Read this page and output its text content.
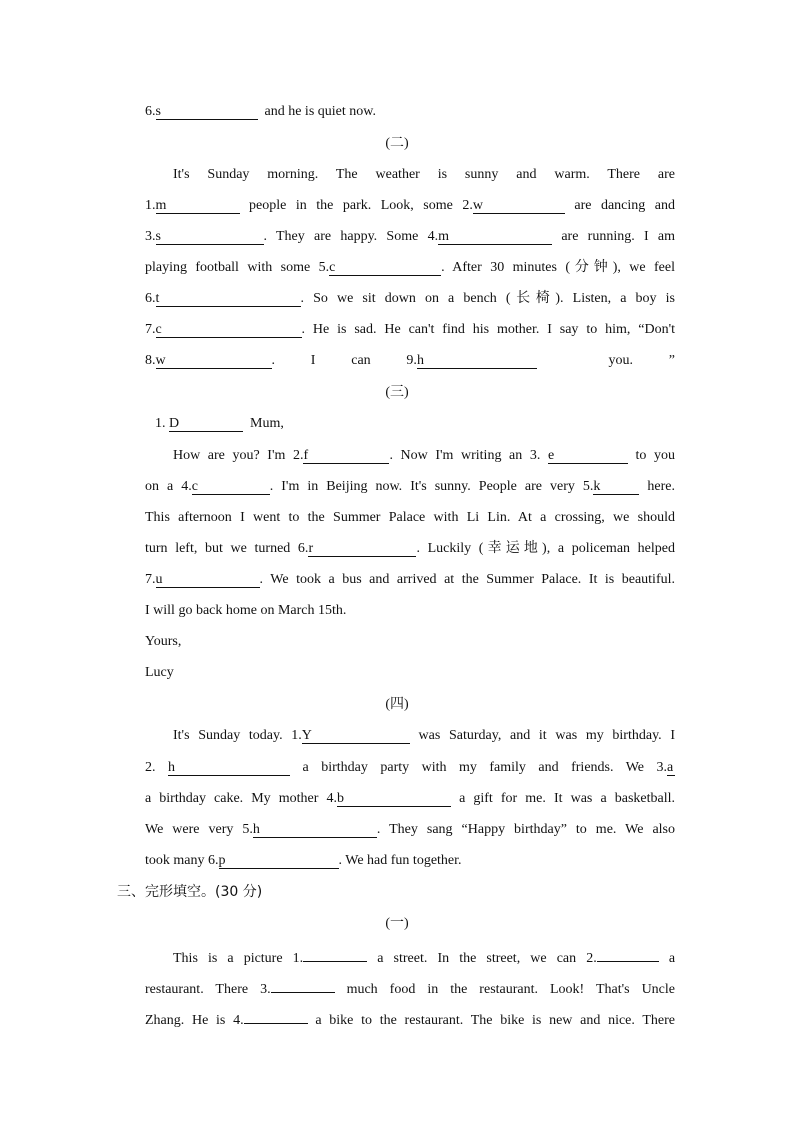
6.s	and he is quiet now.
(二)
It's Sunday morning. The weather is sunny and warm. There are
1.m	people in the park. Look, some 2.w	are dancing and
3.s	. They are happy. Some 4.m	are running. I am
playing football with some 5.c	. After 30 minutes (分钟), we feel
6.t	. So we sit down on a bench (长椅). Listen, a boy is
7.c	. He is sad. He can't find his mother. I say to him, “Don't
8.w	. I can 9.h	you. ”
(三)
1. D	Mum,
How are you? I'm 2.f	. Now I'm writing an 3. e	to you
on a 4.c	. I'm in Beijing now. It's sunny. People are very 5.k	here.
This afternoon I went to the Summer Palace with Li Lin. At a crossing, we should
turn left, but we turned 6.r	. Luckily (幸运地), a policeman helped
7.u	. We took a bus and arrived at the Summer Palace. It is beautiful.
I will go back home on March 15th.
Yours,
Lucy
(四)
It's Sunday today. 1.Y	was Saturday, and it was my birthday. I
2. h	a birthday party with my family and friends. We 3.a
a birthday cake. My mother 4.b	a gift for me. It was a basketball.
We were very 5.h	. They sang “Happy birthday” to me. We also
took many 6.p	. We had fun together.
三、完形填空。(30 分)
(一)
This is a picture 1.	a street. In the street, we can 2.	a
restaurant. There 3.	much food in the restaurant. Look! That's Uncle
Zhang. He is 4.	a bike to the restaurant. The bike is new and nice. There
